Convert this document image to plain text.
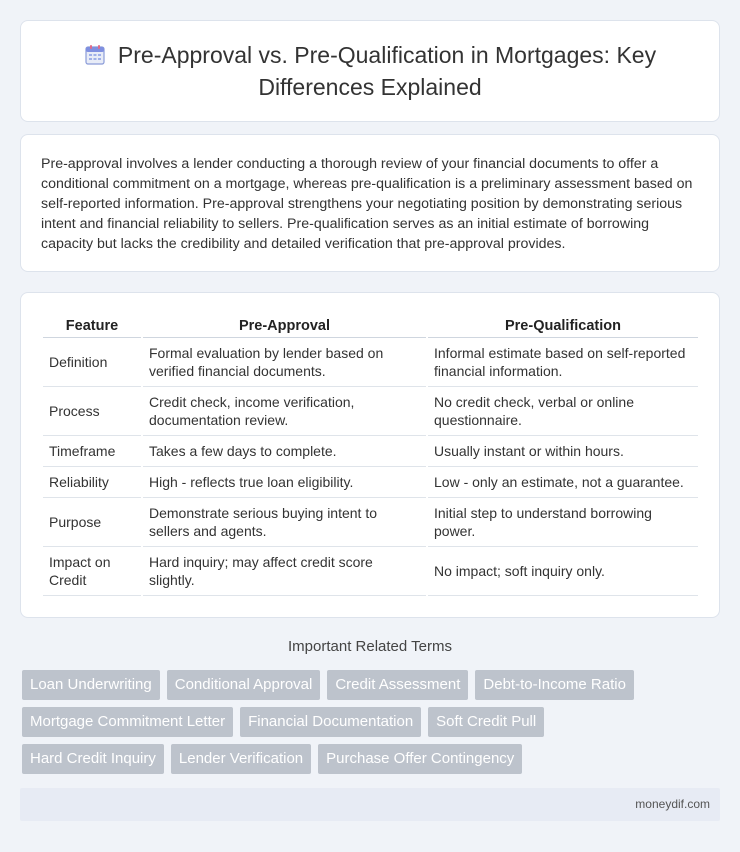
Pre-Approval vs. Pre-Qualification in Mortgages: Key Differences Explained

Pre-approval involves a lender conducting a thorough review of your financial documents to offer a conditional commitment on a mortgage, whereas pre-qualification is a preliminary assessment based on self-reported information. Pre-approval strengthens your negotiating position by demonstrating serious intent and financial reliability to sellers. Pre-qualification serves as an initial estimate of borrowing capacity but lacks the credibility and detailed verification that pre-approval provides.

Feature	Pre-Approval	Pre-Qualification
Definition	Formal evaluation by lender based on verified financial documents.	Informal estimate based on self-reported financial information.
Process	Credit check, income verification, documentation review.	No credit check, verbal or online questionnaire.
Timeframe	Takes a few days to complete.	Usually instant or within hours.
Reliability	High - reflects true loan eligibility.	Low - only an estimate, not a guarantee.
Purpose	Demonstrate serious buying intent to sellers and agents.	Initial step to understand borrowing power.
Impact on Credit	Hard inquiry; may affect credit score slightly.	No impact; soft inquiry only.
Important Related Terms
Loan Underwriting	Conditional Approval	Credit Assessment	Debt-to-Income Ratio
Mortgage Commitment Letter	Financial Documentation	Soft Credit Pull
Hard Credit Inquiry	Lender Verification	Purchase Offer Contingency
moneydif.com
